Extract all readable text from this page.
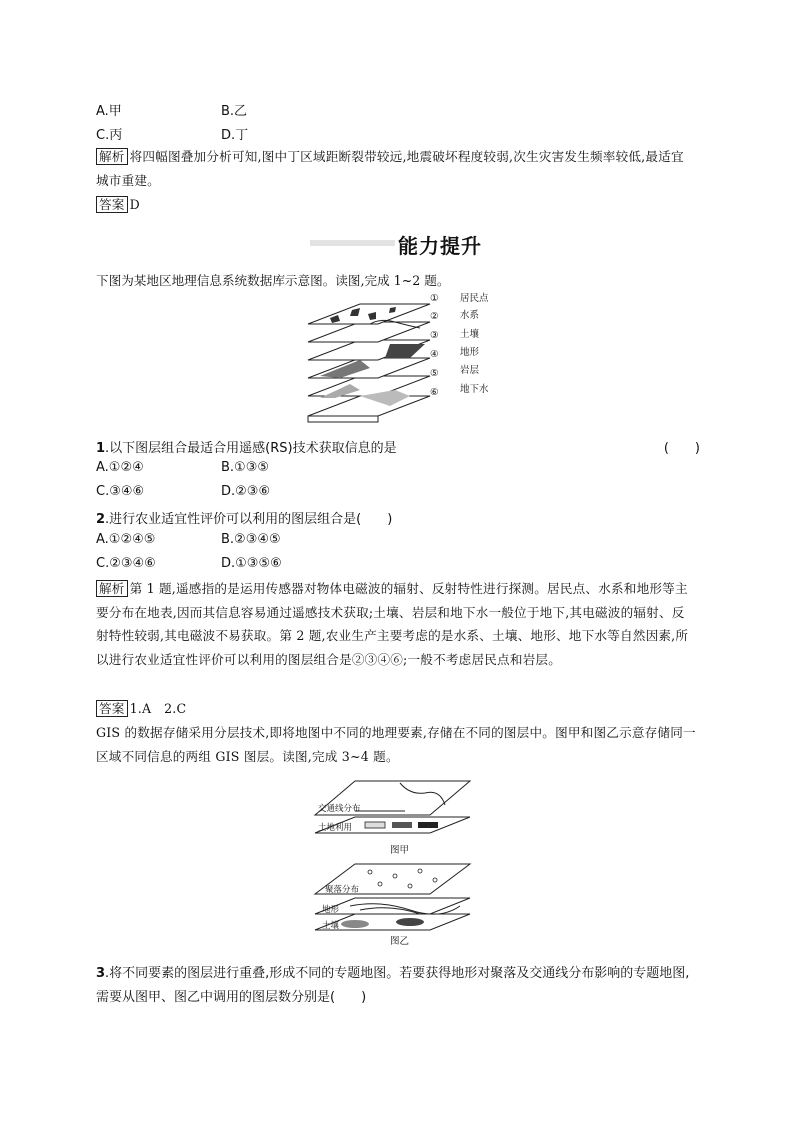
A.甲	B.乙
C.丙	D.丁
解析 将四幅图叠加分析可知,图中丁区域距断裂带较远,地震破坏程度较弱,次生灾害发生频率较低,最适宜城市重建。
答案 D
能力提升
下图为某地区地理信息系统数据库示意图。读图,完成 1~2 题。
① 居民点
② 水系
③ 土壤
④ 地形
⑤ 岩层
⑥ 地下水
1.以下图层组合最适合用遥感(RS)技术获取信息的是	(　　)
A.①②④	B.①③⑤
C.③④⑥	D.②③⑥
2.进行农业适宜性评价可以利用的图层组合是(　　)
A.①②④⑤	B.②③④⑤
C.②③④⑥	D.①③⑤⑥
解析 第 1 题,遥感指的是运用传感器对物体电磁波的辐射、反射特性进行探测。居民点、水系和地形等主要分布在地表,因而其信息容易通过遥感技术获取;土壤、岩层和地下水一般位于地下,其电磁波的辐射、反射特性较弱,其电磁波不易获取。第 2 题,农业生产主要考虑的是水系、土壤、地形、地下水等自然因素,所以进行农业适宜性评价可以利用的图层组合是②③④⑥;一般不考虑居民点和岩层。
答案 1.A　2.C
GIS 的数据存储采用分层技术,即将地图中不同的地理要素,存储在不同的图层中。图甲和图乙示意存储同一区域不同信息的两组 GIS 图层。读图,完成 3~4 题。
交通线分布
土地利用
图甲
聚落分布
地形
土壤
图乙
3.将不同要素的图层进行重叠,形成不同的专题地图。若要获得地形对聚落及交通线分布影响的专题地图,需要从图甲、图乙中调用的图层数分别是(　　)
